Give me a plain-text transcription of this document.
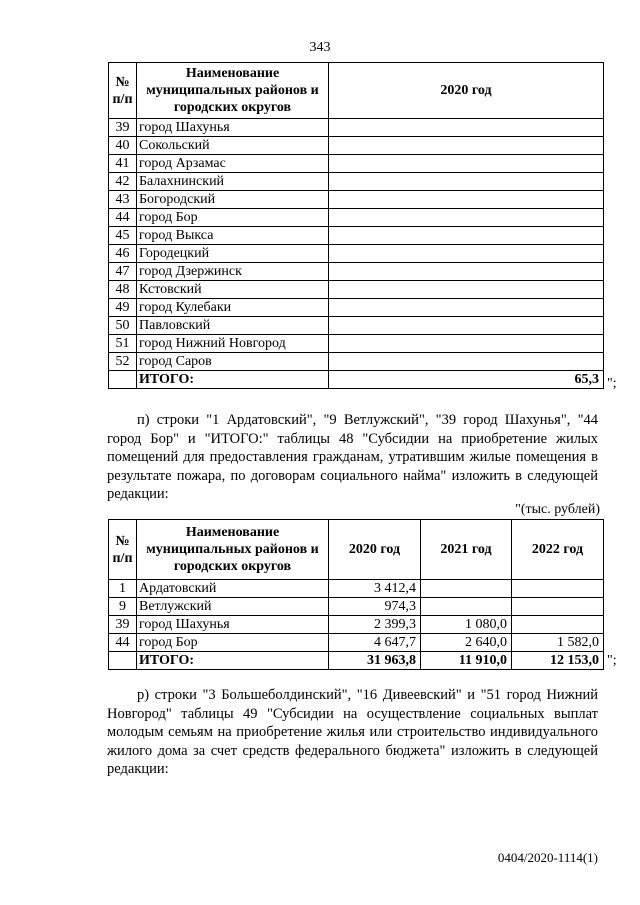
343
№ п/п	Наименование муниципальных районов и городских округов	2020 год
39	город Шахунья	
40	Сокольский	
41	город Арзамас	
42	Балахнинский	
43	Богородский	
44	город Бор	
45	город Выкса	
46	Городецкий	
47	город Дзержинск	
48	Кстовский	
49	город Кулебаки	
50	Павловский	
51	город Нижний Новгород	
52	город Саров	
	ИТОГО:	65,3 ";
п) строки "1 Ардатовский", "9 Ветлужский", "39 город Шахунья", "44 город Бор" и "ИТОГО:" таблицы 48 "Субсидии на приобретение жилых помещений для предоставления гражданам, утратившим жилые помещения в результате пожара, по договорам социального найма" изложить в следующей редакции:
"(тыс. рублей)
№ п/п	Наименование муниципальных районов и городских округов	2020 год	2021 год	2022 год
1	Ардатовский	3 412,4		
9	Ветлужский	974,3		
39	город Шахунья	2 399,3	1 080,0	
44	город Бор	4 647,7	2 640,0	1 582,0
	ИТОГО:	31 963,8	11 910,0	12 153,0 ";
р) строки "3 Большеболдинский", "16 Дивеевский" и "51 город Нижний Новгород" таблицы 49 "Субсидии на осуществление социальных выплат молодым семьям на приобретение жилья или строительство индивидуального жилого дома за счет средств федерального бюджета" изложить в следующей редакции:
0404/2020-1114(1)
